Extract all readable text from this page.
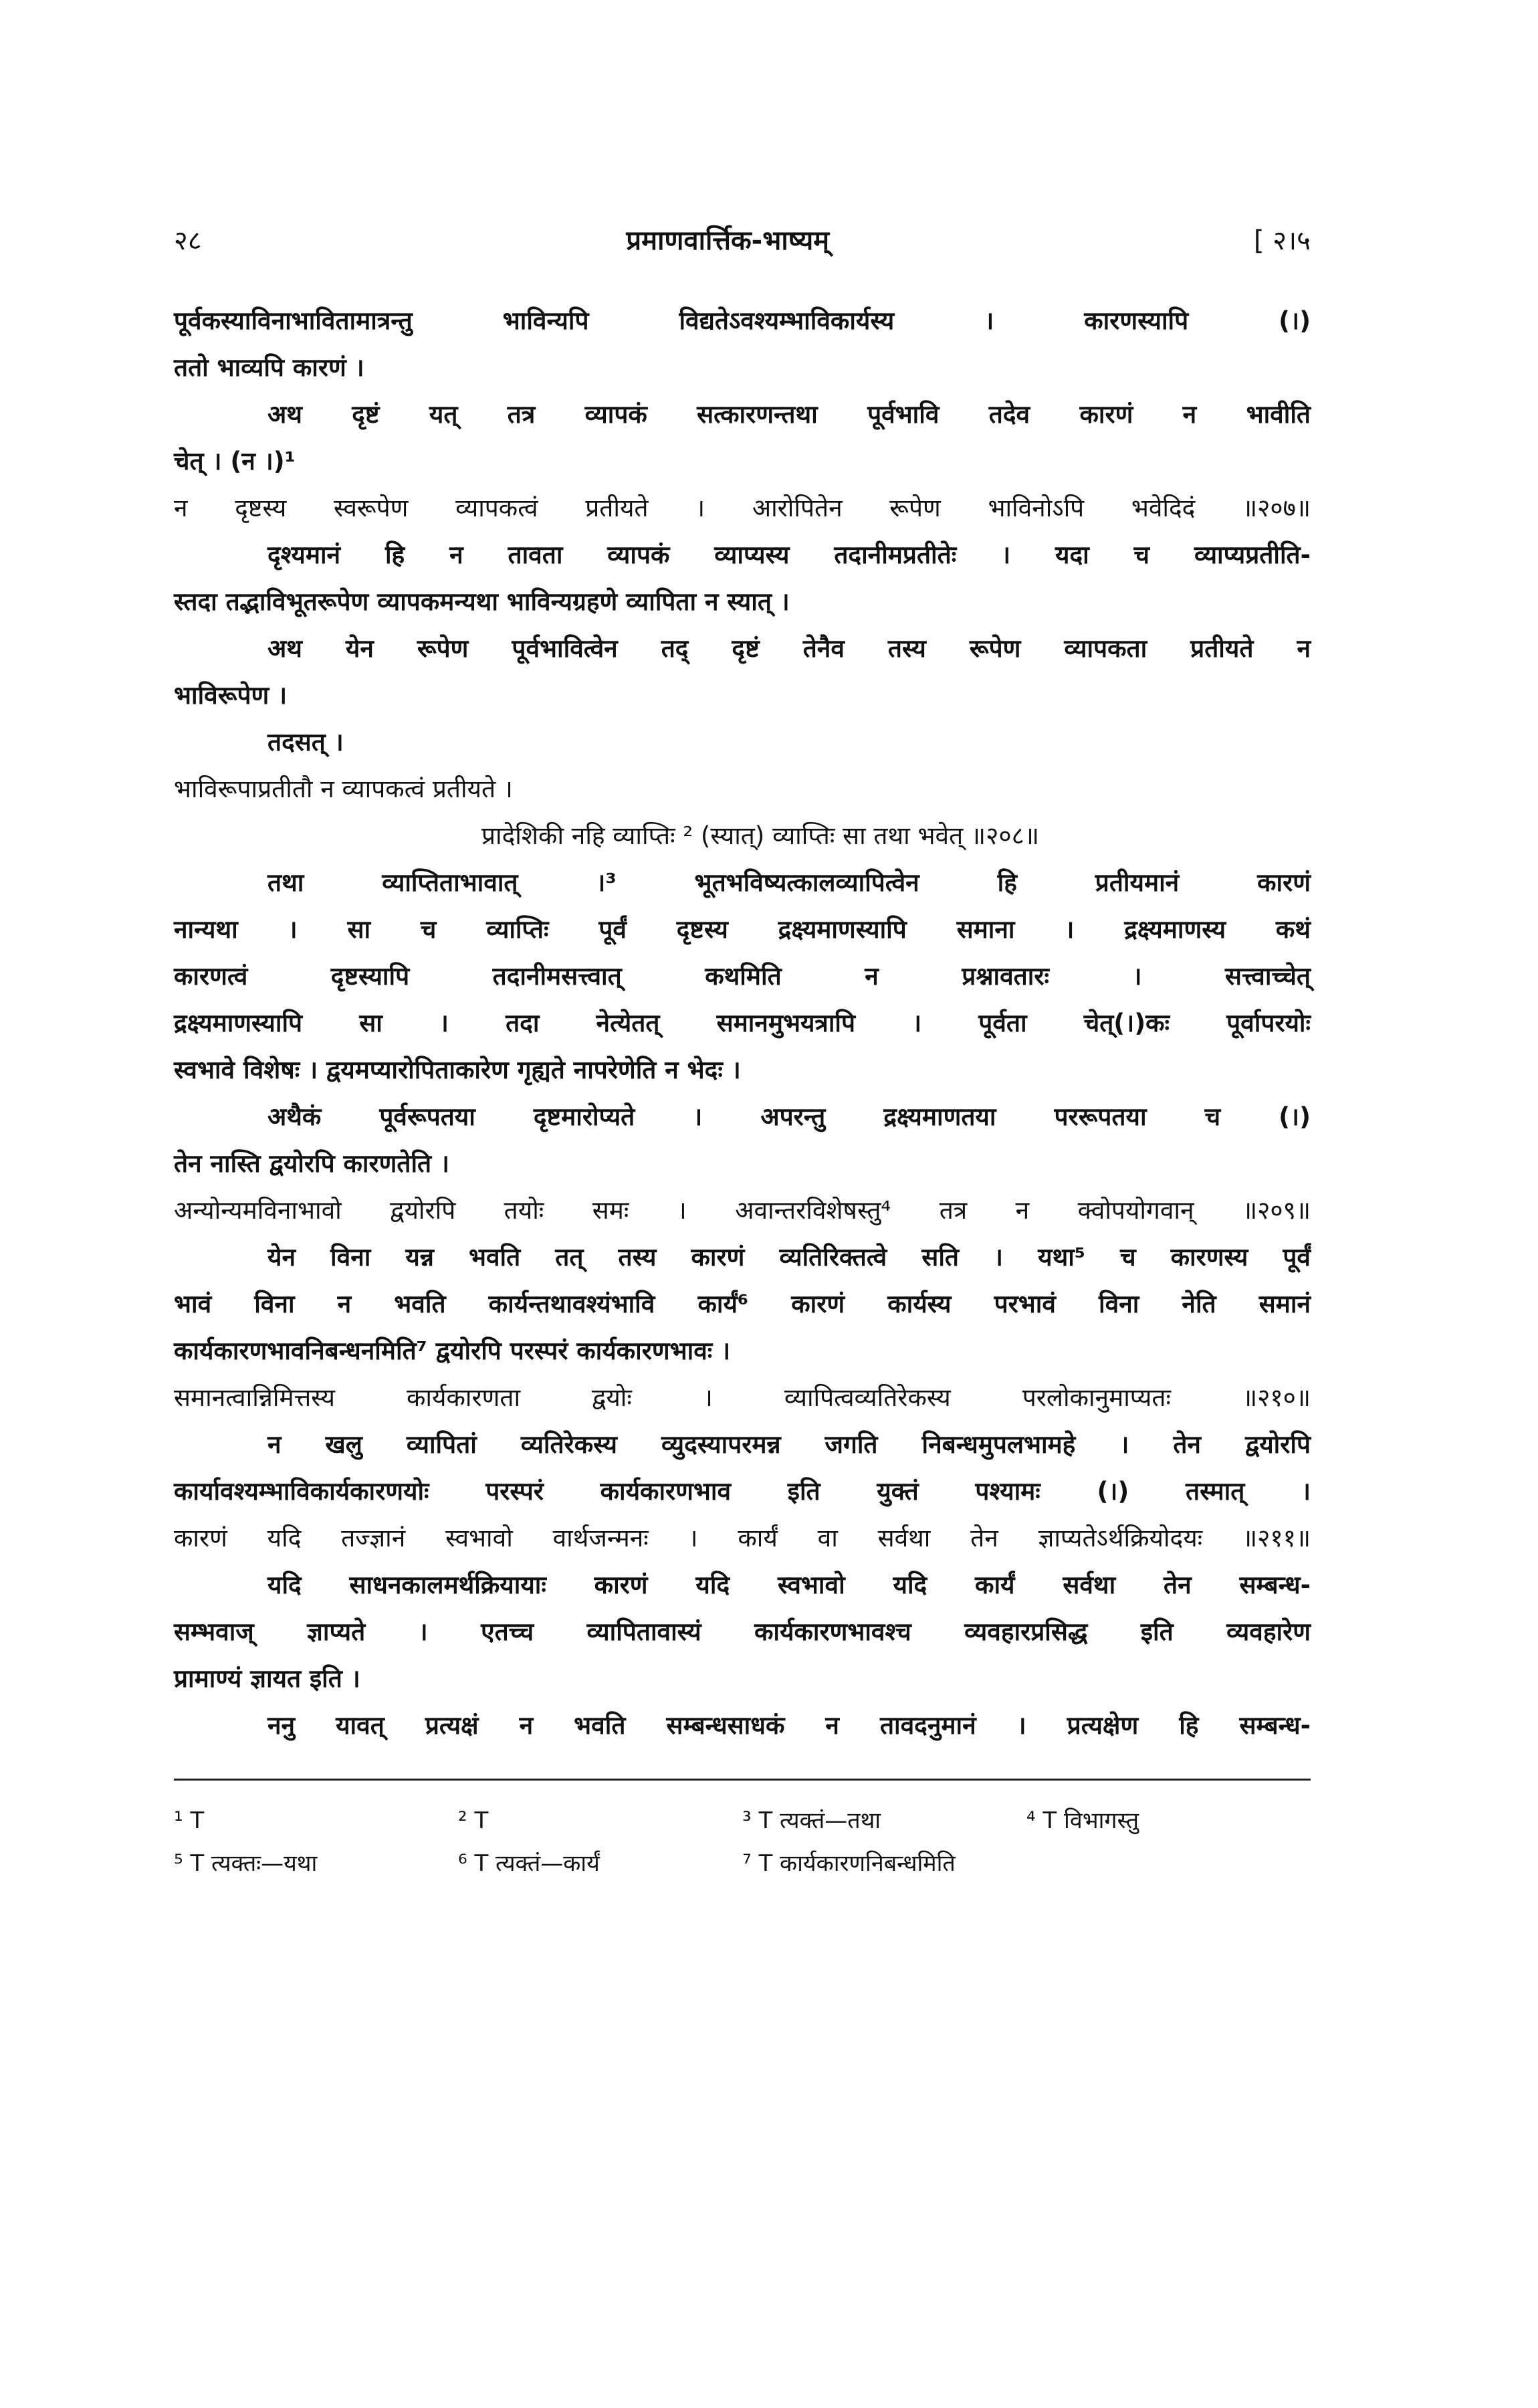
२८	प्रमाणवार्त्तिक-भाष्यम्	[ २।५
पूर्वकस्याविनाभावितामात्रन्तु भाविन्यपि विद्यतेऽवश्यम्भाविकार्यस्य । कारणस्यापि (।)
ततो भाव्यपि कारणं ।
अथ दृष्टं यत् तत्र व्यापकं सत्कारणन्तथा पूर्वभावि तदेव कारणं न भावीति
चेत् । (न ।)¹
न दृष्टस्य स्वरूपेण व्यापकत्वं प्रतीयते । आरोपितेन रूपेण भाविनोऽपि भवेदिदं ॥२०७॥
दृश्यमानं हि न तावता व्यापकं व्याप्यस्य तदानीमप्रतीतेः । यदा च व्याप्यप्रतीति-
स्तदा तद्भाविभूतरूपेण व्यापकमन्यथा भाविन्यग्रहणे व्यापिता न स्यात् ।
अथ येन रूपेण पूर्वभावित्वेन तद् दृष्टं तेनैव तस्य रूपेण व्यापकता प्रतीयते न
भाविरूपेण ।
तदसत् ।
भाविरूपाप्रतीतौ न व्यापकत्वं प्रतीयते ।
प्रादेशिकी नहि व्याप्तिः ² (स्यात्) व्याप्तिः सा तथा भवेत् ॥२०८॥
तथा व्याप्तिताभावात् ।³ भूतभविष्यत्कालव्यापित्वेन हि प्रतीयमानं कारणं
नान्यथा । सा च व्याप्तिः पूर्वं दृष्टस्य द्रक्ष्यमाणस्यापि समाना । द्रक्ष्यमाणस्य कथं
कारणत्वं दृष्टस्यापि तदानीमसत्त्वात् कथमिति न प्रश्नावतारः । सत्त्वाच्चेत्
द्रक्ष्यमाणस्यापि सा । तदा नेत्येतत् समानमुभयत्रापि । पूर्वता चेत्(।)कः पूर्वापरयोः
स्वभावे विशेषः । द्वयमप्यारोपिताकारेण गृह्यते नापरेणेति न भेदः ।
अथैकं पूर्वरूपतया दृष्टमारोप्यते । अपरन्तु द्रक्ष्यमाणतया पररूपतया च (।)
तेन नास्ति द्वयोरपि कारणतेति ।
अन्योन्यमविनाभावो द्वयोरपि तयोः समः । अवान्तरविशेषस्तु⁴ तत्र न क्वोपयोगवान् ॥२०९॥
येन विना यन्न भवति तत् तस्य कारणं व्यतिरिक्तत्वे सति । यथा⁵ च कारणस्य पूर्वं
भावं विना न भवति कार्यन्तथावश्यंभावि कार्यं⁶ कारणं कार्यस्य परभावं विना नेति समानं
कार्यकारणभावनिबन्धनमिति⁷ द्वयोरपि परस्परं कार्यकारणभावः ।
समानत्वान्निमित्तस्य कार्यकारणता द्वयोः । व्यापित्वव्यतिरेकस्य परलोकानुमाप्यतः ॥२१०॥
न खलु व्यापितां व्यतिरेकस्य व्युदस्यापरमन्न जगति निबन्धमुपलभामहे । तेन द्वयोरपि
कार्यावश्यम्भाविकार्यकारणयोः परस्परं कार्यकारणभाव इति युक्तं पश्यामः (।) तस्मात् ।
कारणं यदि तज्ज्ञानं स्वभावो वार्थजन्मनः । कार्यं वा सर्वथा तेन ज्ञाप्यतेऽर्थक्रियोदयः ॥२११॥
यदि साधनकालमर्थक्रियायाः कारणं यदि स्वभावो यदि कार्यं सर्वथा तेन सम्बन्ध-
सम्भवाज् ज्ञाप्यते । एतच्च व्यापितावास्यं कार्यकारणभावश्च व्यवहारप्रसिद्ध इति व्यवहारेण
प्रामाण्यं ज्ञायत इति ।
ननु यावत् प्रत्यक्षं न भवति सम्बन्धसाधकं न तावदनुमानं । प्रत्यक्षेण हि सम्बन्ध-
¹ T	² T	³ T त्यक्तं—तथा	⁴ T विभागस्तु
⁵ T त्यक्तः—यथा	⁶ T त्यक्तं—कार्यं	⁷ T कार्यकारणनिबन्धमिति
